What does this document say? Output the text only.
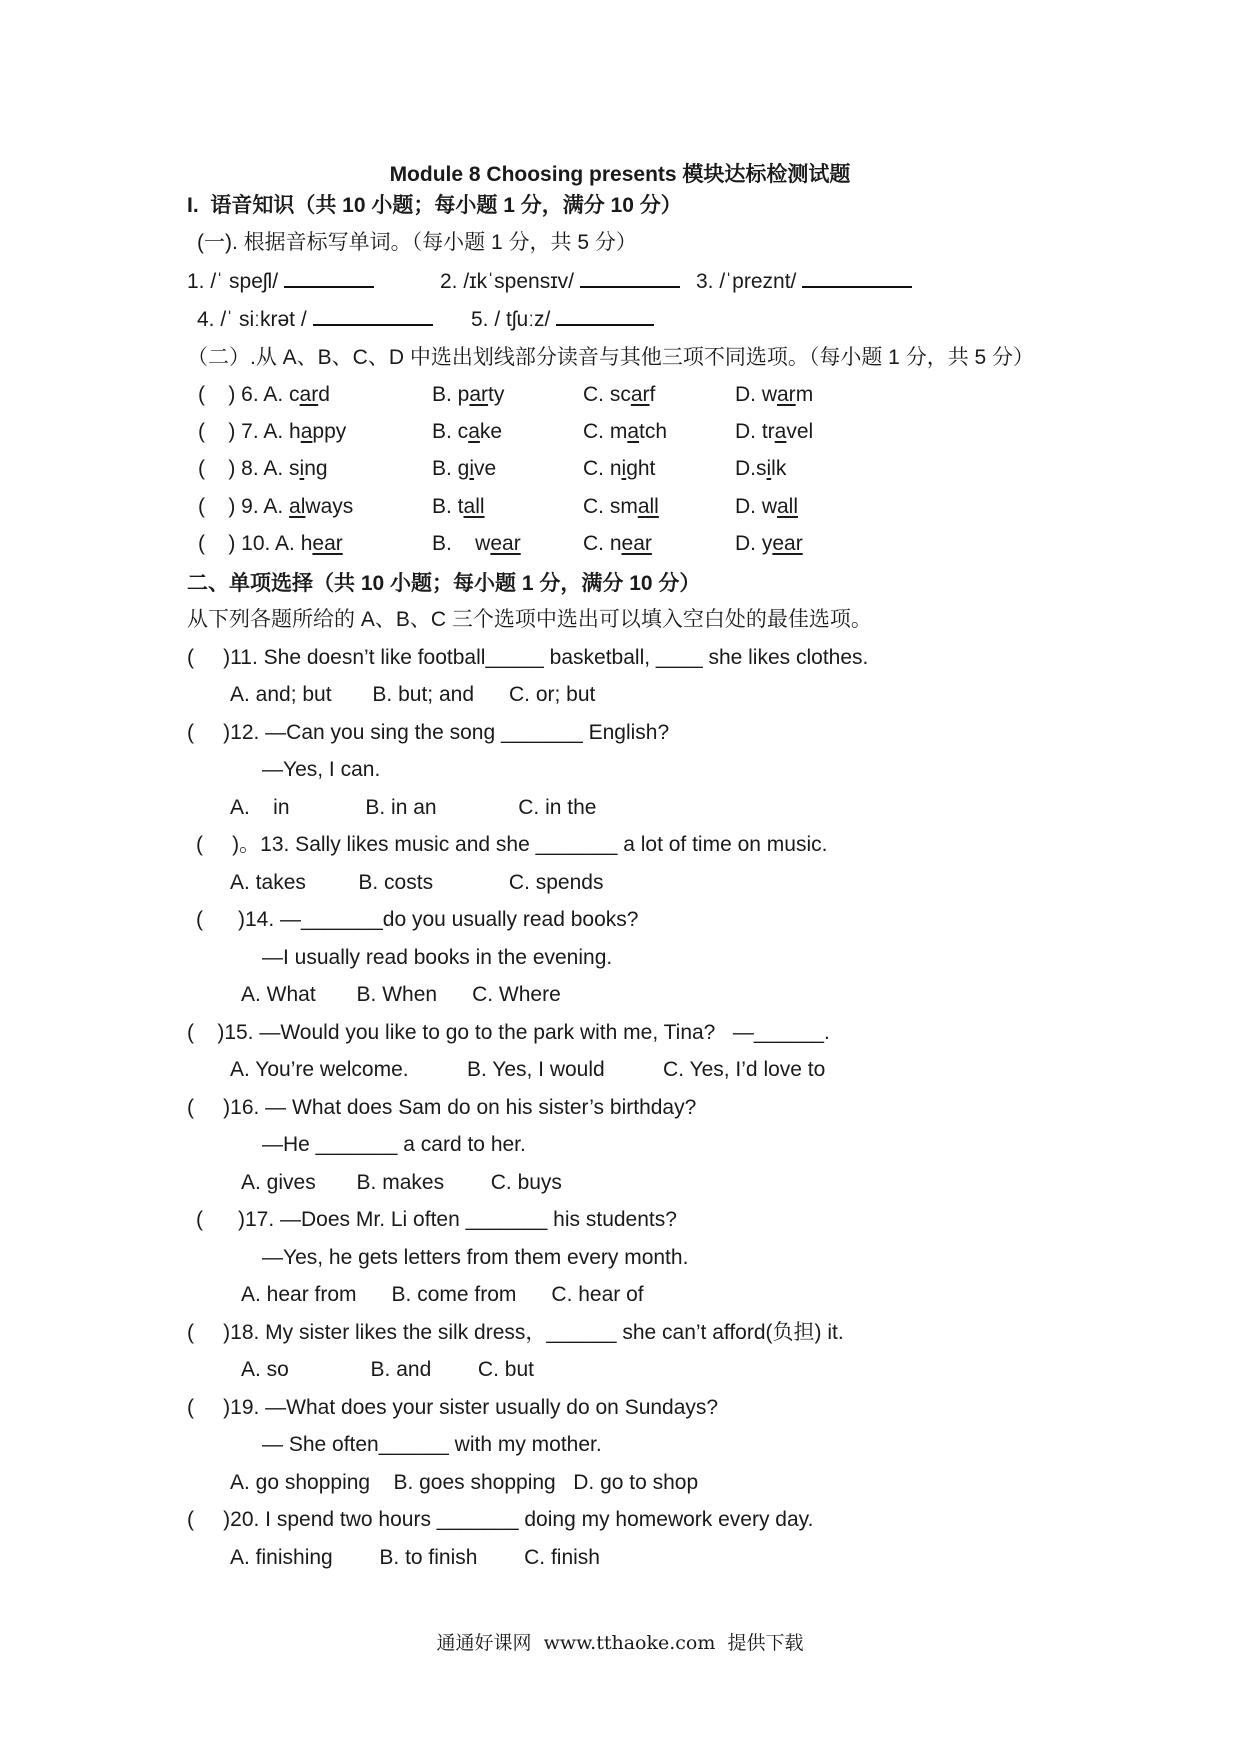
Module 8 Choosing presents 模块达标检测试题
I.  语音知识（共 10 小题；每小题 1 分，满分 10 分）
(一). 根据音标写单词。（每小题 1 分，共 5 分）
1. /ˈ speʃl/	2. /ɪkˈspensɪv/	3. /ˈpreznt/
4. /ˈ siːkrət /	5. / tʃuːz/
（二）.从 A、B、C、D 中选出划线部分读音与其他三项不同选项。（每小题 1 分，共 5 分）
(    ) 6. A. card	B. party	C. scarf	D. warm
(    ) 7. A. happy	B. cake	C. match	D. travel
(    ) 8. A. sing	B. give	C. night	D.silk
(    ) 9. A. always	B. tall	C. small	D. wall
(    ) 10. A. hear	B.    wear	C. near	D. year
二、单项选择（共 10 小题；每小题 1 分，满分 10 分）
从下列各题所给的 A、B、C 三个选项中选出可以填入空白处的最佳选项。
(     )11. She doesn’t like football_____ basketball, ____ she likes clothes.
A. and; but       B. but; and      C. or; but
(     )12. —Can you sing the song _______ English?
—Yes, I can.
A.    in             B. in an              C. in the
(     )。13. Sally likes music and she _______ a lot of time on music.
A. takes         B. costs             C. spends
(      )14. —_______do you usually read books?
—I usually read books in the evening.
A. What       B. When      C. Where
(    )15. —Would you like to go to the park with me, Tina?   —______.
A. You’re welcome.          B. Yes, I would          C. Yes, I’d love to
(     )16. — What does Sam do on his sister’s birthday?
—He _______ a card to her.
A. gives       B. makes        C. buys
(      )17. —Does Mr. Li often _______ his students?
—Yes, he gets letters from them every month.
A. hear from      B. come from      C. hear of
(     )18. My sister likes the silk dress，______ she can’t afford(负担) it.
A. so              B. and        C. but
(     )19. —What does your sister usually do on Sundays?
— She often______ with my mother.
A. go shopping    B. goes shopping   D. go to shop
(     )20. I spend two hours _______ doing my homework every day.
A. finishing        B. to finish        C. finish
通通好课网  www.tthaoke.com  提供下载
